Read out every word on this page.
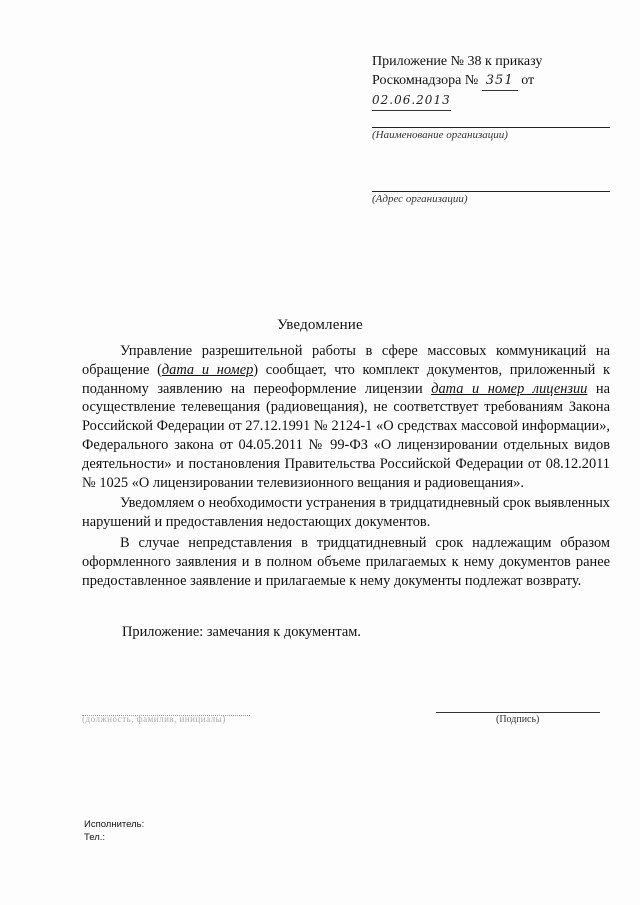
Приложение № 38 к приказу
Роскомнадзора № 351 от 02.06.2013
(Наименование организации)
(Адрес организации)
Уведомление

Управление разрешительной работы в сфере массовых коммуникаций на обращение (дата и номер) сообщает, что комплект документов, приложенный к поданному заявлению на переоформление лицензии дата и номер лицензии на осуществление телевещания (радиовещания), не соответствует требованиям Закона Российской Федерации от 27.12.1991 № 2124-1 «О средствах массовой информации», Федерального закона от 04.05.2011 № 99-ФЗ «О лицензировании отдельных видов деятельности» и постановления Правительства Российской Федерации от 08.12.2011 № 1025 «О лицензировании телевизионного вещания и радиовещания».

Уведомляем о необходимости устранения в тридцатидневный срок выявленных нарушений и предоставления недостающих документов.

В случае непредставления в тридцатидневный срок надлежащим образом оформленного заявления и в полном объеме прилагаемых к нему документов ранее предоставленное заявление и прилагаемые к нему документы подлежат возврату.

Приложение: замечания к документам.
(должность, фамилия, инициалы)	(Подпись)
Исполнитель:
Тел.:
